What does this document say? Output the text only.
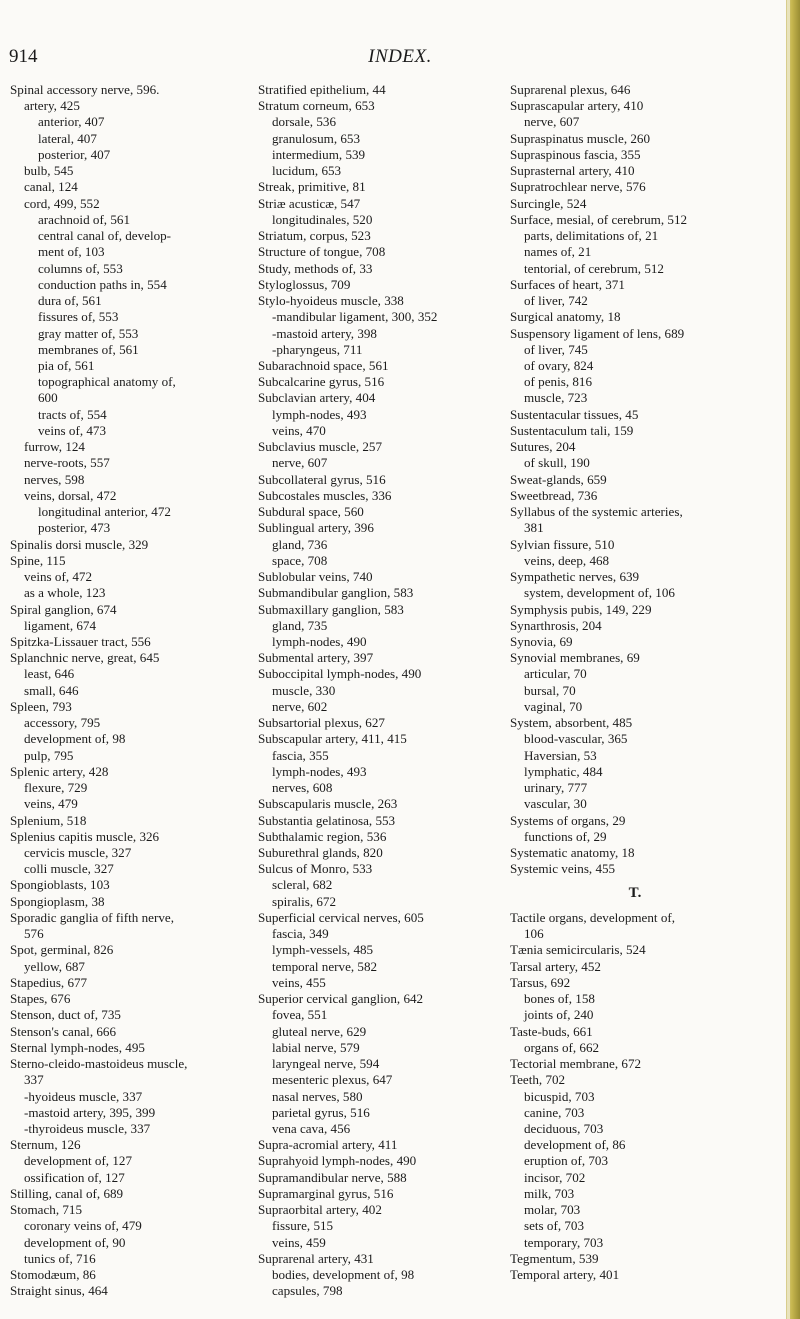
914	INDEX.
Spinal accessory nerve, 596.
artery, 425
anterior, 407
lateral, 407
posterior, 407
bulb, 545
canal, 124
cord, 499, 552
arachnoid of, 561
central canal of, develop-
ment of, 103
columns of, 553
conduction paths in, 554
dura of, 561
fissures of, 553
gray matter of, 553
membranes of, 561
pia of, 561
topographical anatomy of,
600
tracts of, 554
veins of, 473
furrow, 124
nerve-roots, 557
nerves, 598
veins, dorsal, 472
longitudinal anterior, 472
posterior, 473
Spinalis dorsi muscle, 329
Spine, 115
veins of, 472
as a whole, 123
Spiral ganglion, 674
ligament, 674
Spitzka-Lissauer tract, 556
Splanchnic nerve, great, 645
least, 646
small, 646
Spleen, 793
accessory, 795
development of, 98
pulp, 795
Splenic artery, 428
flexure, 729
veins, 479
Splenium, 518
Splenius capitis muscle, 326
cervicis muscle, 327
colli muscle, 327
Spongioblasts, 103
Spongioplasm, 38
Sporadic ganglia of fifth nerve,
576
Spot, germinal, 826
yellow, 687
Stapedius, 677
Stapes, 676
Stenson, duct of, 735
Stenson's canal, 666
Sternal lymph-nodes, 495
Sterno-cleido-mastoideus muscle,
337
-hyoideus muscle, 337
-mastoid artery, 395, 399
-thyroideus muscle, 337
Sternum, 126
development of, 127
ossification of, 127
Stilling, canal of, 689
Stomach, 715
coronary veins of, 479
development of, 90
tunics of, 716
Stomodæum, 86
Straight sinus, 464
Stratified epithelium, 44
Stratum corneum, 653
dorsale, 536
granulosum, 653
intermedium, 539
lucidum, 653
Streak, primitive, 81
Striæ acusticæ, 547
longitudinales, 520
Striatum, corpus, 523
Structure of tongue, 708
Study, methods of, 33
Styloglossus, 709
Stylo-hyoideus muscle, 338
-mandibular ligament, 300, 352
-mastoid artery, 398
-pharyngeus, 711
Subarachnoid space, 561
Subcalcarine gyrus, 516
Subclavian artery, 404
lymph-nodes, 493
veins, 470
Subclavius muscle, 257
nerve, 607
Subcollateral gyrus, 516
Subcostales muscles, 336
Subdural space, 560
Sublingual artery, 396
gland, 736
space, 708
Sublobular veins, 740
Submandibular ganglion, 583
Submaxillary ganglion, 583
gland, 735
lymph-nodes, 490
Submental artery, 397
Suboccipital lymph-nodes, 490
muscle, 330
nerve, 602
Subsartorial plexus, 627
Subscapular artery, 411, 415
fascia, 355
lymph-nodes, 493
nerves, 608
Subscapularis muscle, 263
Substantia gelatinosa, 553
Subthalamic region, 536
Suburethral glands, 820
Sulcus of Monro, 533
scleral, 682
spiralis, 672
Superficial cervical nerves, 605
fascia, 349
lymph-vessels, 485
temporal nerve, 582
veins, 455
Superior cervical ganglion, 642
fovea, 551
gluteal nerve, 629
labial nerve, 579
laryngeal nerve, 594
mesenteric plexus, 647
nasal nerves, 580
parietal gyrus, 516
vena cava, 456
Supra-acromial artery, 411
Suprahyoid lymph-nodes, 490
Supramandibular nerve, 588
Supramarginal gyrus, 516
Supraorbital artery, 402
fissure, 515
veins, 459
Suprarenal artery, 431
bodies, development of, 98
capsules, 798
Suprarenal plexus, 646
Suprascapular artery, 410
nerve, 607
Supraspinatus muscle, 260
Supraspinous fascia, 355
Suprasternal artery, 410
Supratrochlear nerve, 576
Surcingle, 524
Surface, mesial, of cerebrum, 512
parts, delimitations of, 21
names of, 21
tentorial, of cerebrum, 512
Surfaces of heart, 371
of liver, 742
Surgical anatomy, 18
Suspensory ligament of lens, 689
of liver, 745
of ovary, 824
of penis, 816
muscle, 723
Sustentacular tissues, 45
Sustentaculum tali, 159
Sutures, 204
of skull, 190
Sweat-glands, 659
Sweetbread, 736
Syllabus of the systemic arteries,
381
Sylvian fissure, 510
veins, deep, 468
Sympathetic nerves, 639
system, development of, 106
Symphysis pubis, 149, 229
Synarthrosis, 204
Synovia, 69
Synovial membranes, 69
articular, 70
bursal, 70
vaginal, 70
System, absorbent, 485
blood-vascular, 365
Haversian, 53
lymphatic, 484
urinary, 777
vascular, 30
Systems of organs, 29
functions of, 29
Systematic anatomy, 18
Systemic veins, 455
T.
Tactile organs, development of,
106
Tænia semicircularis, 524
Tarsal artery, 452
Tarsus, 692
bones of, 158
joints of, 240
Taste-buds, 661
organs of, 662
Tectorial membrane, 672
Teeth, 702
bicuspid, 703
canine, 703
deciduous, 703
development of, 86
eruption of, 703
incisor, 702
milk, 703
molar, 703
sets of, 703
temporary, 703
Tegmentum, 539
Temporal artery, 401
